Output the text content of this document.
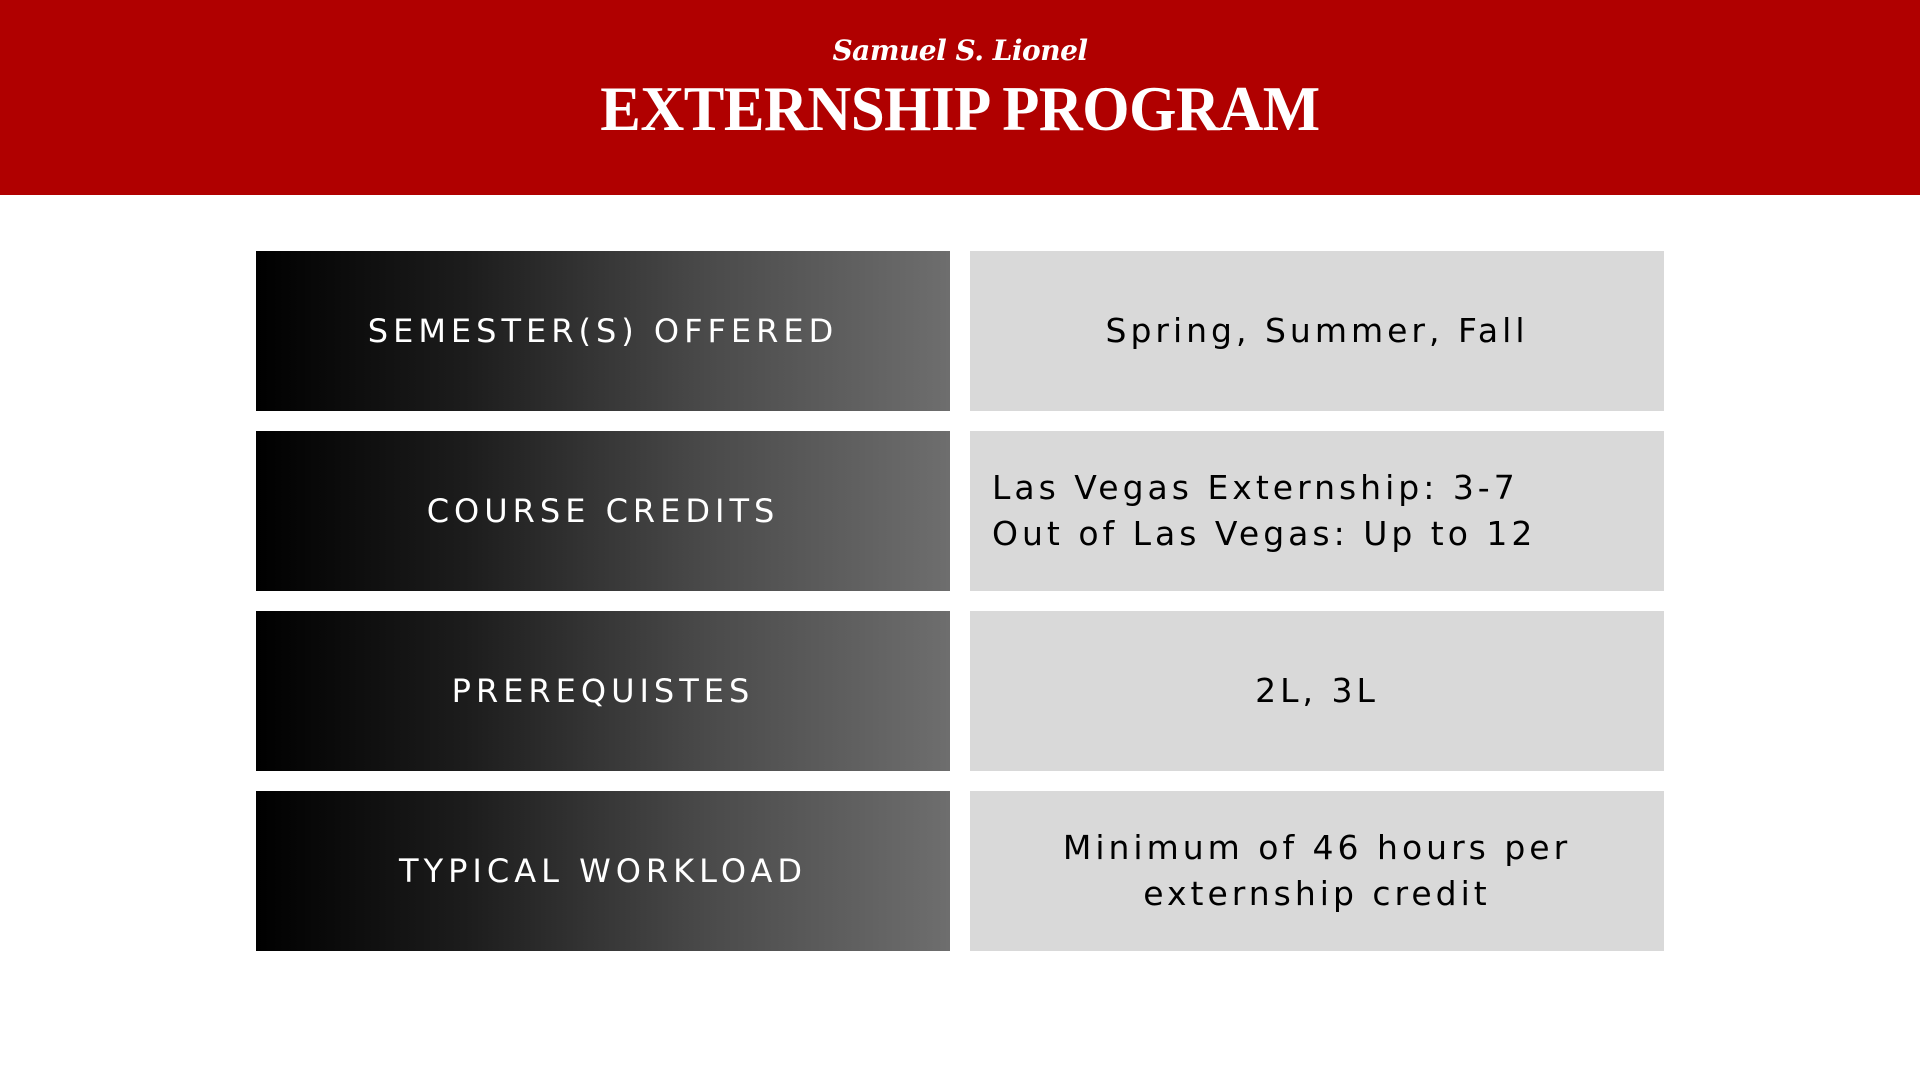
Samuel S. Lionel
EXTERNSHIP PROGRAM
SEMESTER(S) OFFERED	Spring, Summer, Fall
COURSE CREDITS
Las Vegas Externship: 3-7
Out of Las Vegas: Up to 12
PREREQUISTES	2L, 3L
TYPICAL WORKLOAD
Minimum of 46 hours per
externship credit
